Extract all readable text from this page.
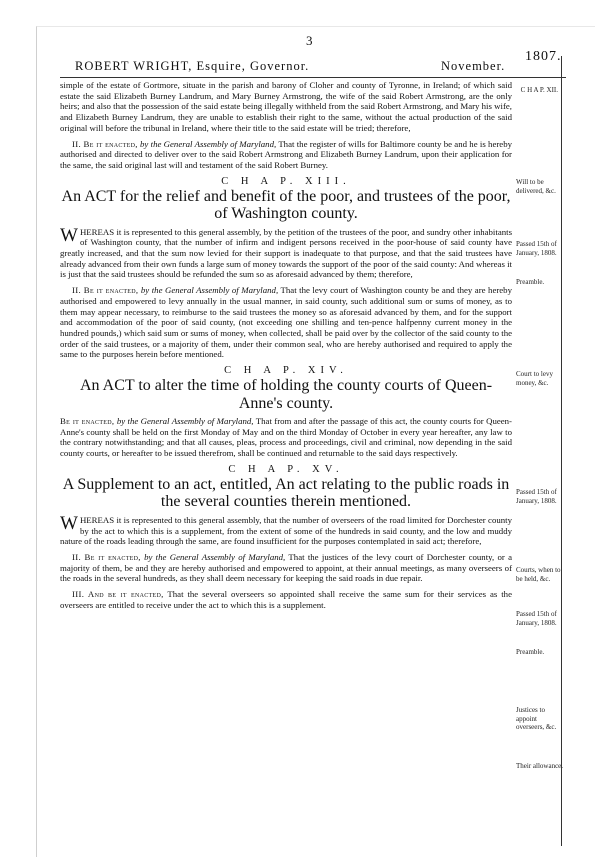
3
ROBERT WRIGHT, Esquire, Governor.	November.
1807.

simple of the estate of Gortmore, situate in the parish and barony of Cloher and county of Tyronne, in Ireland; of which said estate the said Elizabeth Burney Landrum, and Mary Burney Armstrong, the wife of the said Robert Armstrong, are the only heirs; and also that the possession of the said estate being illegally withheld from the said Robert Armstrong, and Mary his wife, and Elizabeth Burney Landrum, they are unable to establish their right to the same, without the actual production of the said original will before the tribunal in Ireland, where their title to the said estate will be tried; therefore,

II. Be it enacted, by the General Assembly of Maryland, That the register of wills for Baltimore county be and he is hereby authorised and directed to deliver over to the said Robert Armstrong and Elizabeth Burney Landrum, upon their application for the same, the said original last will and testament of the said Robert Burney.

C H A P. XIII.
An ACT for the relief and benefit of the poor, and trustees of the poor, of Washington county.

WHEREAS it is represented to this general assembly, by the petition of the trustees of the poor, and sundry other inhabitants of Washington county, that the number of infirm and indigent persons received in the poor-house of said county have greatly increased, and that the sum now levied for their support is inadequate to that purpose, and that the said trustees have already advanced from their own funds a large sum of money towards the support of the poor of the said county: And whereas it is just that the said trustees should be refunded the sum so as aforesaid advanced by them; therefore,

II. Be it enacted, by the General Assembly of Maryland, That the levy court of Washington county be and they are hereby authorised and empowered to levy annually in the usual manner, in said county, such additional sum or sums of money, as to them may appear necessary, to reimburse to the said trustees the money so as aforesaid advanced by them, and for the support and accommodation of the poor of said county, (not exceeding one shilling and ten-pence halfpenny current money in the hundred pounds,) which said sum or sums of money, when collected, shall be paid over by the collector of the said county to the order of the said trustees, or a majority of them, under their common seal, who are hereby authorised and required to apply the same to the purposes herein before mentioned.

C H A P. XIV.
An ACT to alter the time of holding the county courts of Queen-Anne's county.

Be it enacted, by the General Assembly of Maryland, That from and after the passage of this act, the county courts for Queen-Anne's county shall be held on the first Monday of May and on the third Monday of October in every year hereafter, any law to the contrary notwithstanding; and that all causes, pleas, process and proceedings, civil and criminal, now depending in the said county courts, or hereafter to be issued therefrom, shall be continued and returnable to the said days respectively.

C H A P. XV.
A Supplement to an act, entitled, An act relating to the public roads in the several counties therein mentioned.

WHEREAS it is represented to this general assembly, that the number of overseers of the road limited for Dorchester county by the act to which this is a supplement, from the extent of some of the hundreds in said county, and the low and muddy nature of the roads leading through the same, are found insufficient for the purposes contemplated in said act; therefore,

II. Be it enacted, by the General Assembly of Maryland, That the justices of the levy court of Dorchester county, or a majority of them, be and they are hereby authorised and empowered to appoint, at their annual meetings, as many overseers of the roads in the several hundreds, as they shall deem necessary for keeping the said roads in due repair.

III. And be it enacted, That the several overseers so appointed shall receive the same sum for their services as the overseers are entitled to receive under the act to which this is a supplement.

C H A P. XII.
Will to be delivered, &c.
Passed 15th of January, 1808.
Preamble.
Court to levy money, &c.
Passed 15th of January, 1808.
Courts, when to be held, &c.
Passed 15th of January, 1808.
Preamble.
Justices to appoint overseers, &c.
Their allowance.
